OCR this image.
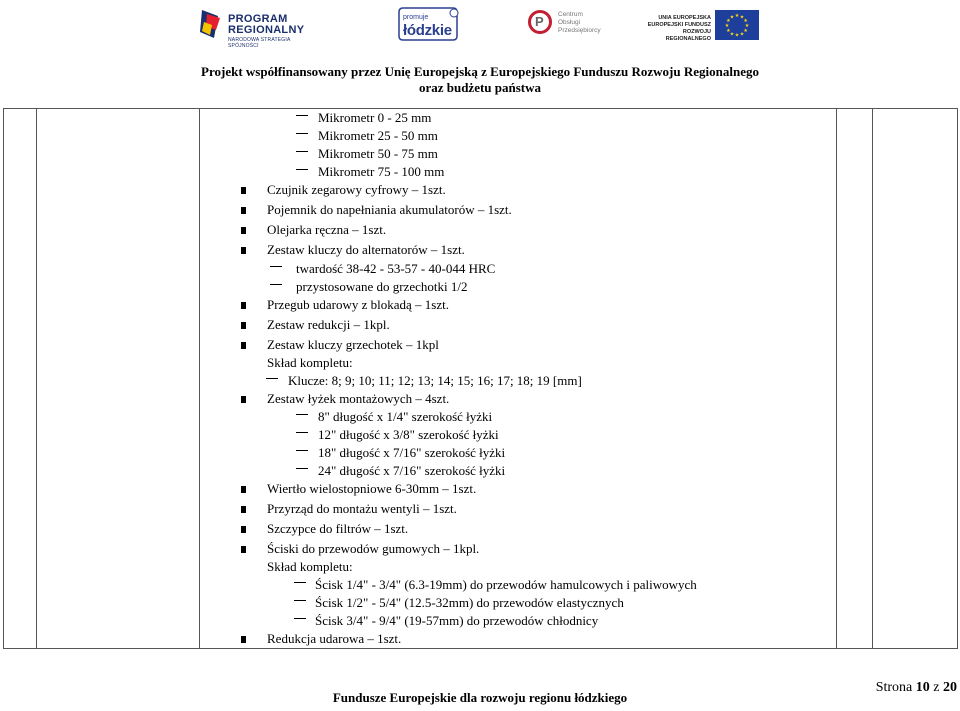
PROGRAM
REGIONALNY
NARODOWA STRATEGIA SPÓJNOŚCI
promuje
łódzkie
P Centrum
Obsługi
Przedsiębiorcy
UNIA EUROPEJSKA
EUROPEJSKI FUNDUSZ
ROZWOJU REGIONALNEGO
★ ★
★
★
★
★
★
★
★
★
★
★
Projekt współfinansowany przez Unię Europejską z Europejskiego Funduszu Rozwoju Regionalnego
oraz budżetu państwa
Mikrometr 0 - 25 mm
Mikrometr 25 - 50 mm
Mikrometr 50 - 75 mm
Mikrometr 75 - 100 mm
Czujnik zegarowy cyfrowy – 1szt.
Pojemnik do napełniania akumulatorów – 1szt.
Olejarka ręczna – 1szt.
Zestaw kluczy do alternatorów – 1szt.
twardość 38-42 - 53-57 - 40-044 HRC
przystosowane do grzechotki 1/2
Przegub udarowy z blokadą – 1szt.
Zestaw redukcji – 1kpl.
Zestaw kluczy grzechotek – 1kpl
Skład kompletu:
Klucze: 8; 9; 10; 11; 12; 13; 14; 15; 16; 17; 18; 19 [mm]
Zestaw łyżek montażowych – 4szt.
8" długość x 1/4" szerokość łyżki
12" długość x 3/8" szerokość łyżki
18" długość x 7/16" szerokość łyżki
24" długość x 7/16" szerokość łyżki
Wiertło wielostopniowe 6-30mm – 1szt.
Przyrząd do montażu wentyli – 1szt.
Szczypce do filtrów – 1szt.
Ściski do przewodów gumowych – 1kpl.
Skład kompletu:
Ścisk 1/4" - 3/4" (6.3-19mm) do przewodów hamulcowych i paliwowych
Ścisk 1/2" - 5/4" (12.5-32mm) do przewodów elastycznych
Ścisk 3/4" - 9/4" (19-57mm) do przewodów chłodnicy
Redukcja udarowa – 1szt.
Fundusze Europejskie dla rozwoju regionu łódzkiego
Strona 10 z 20
